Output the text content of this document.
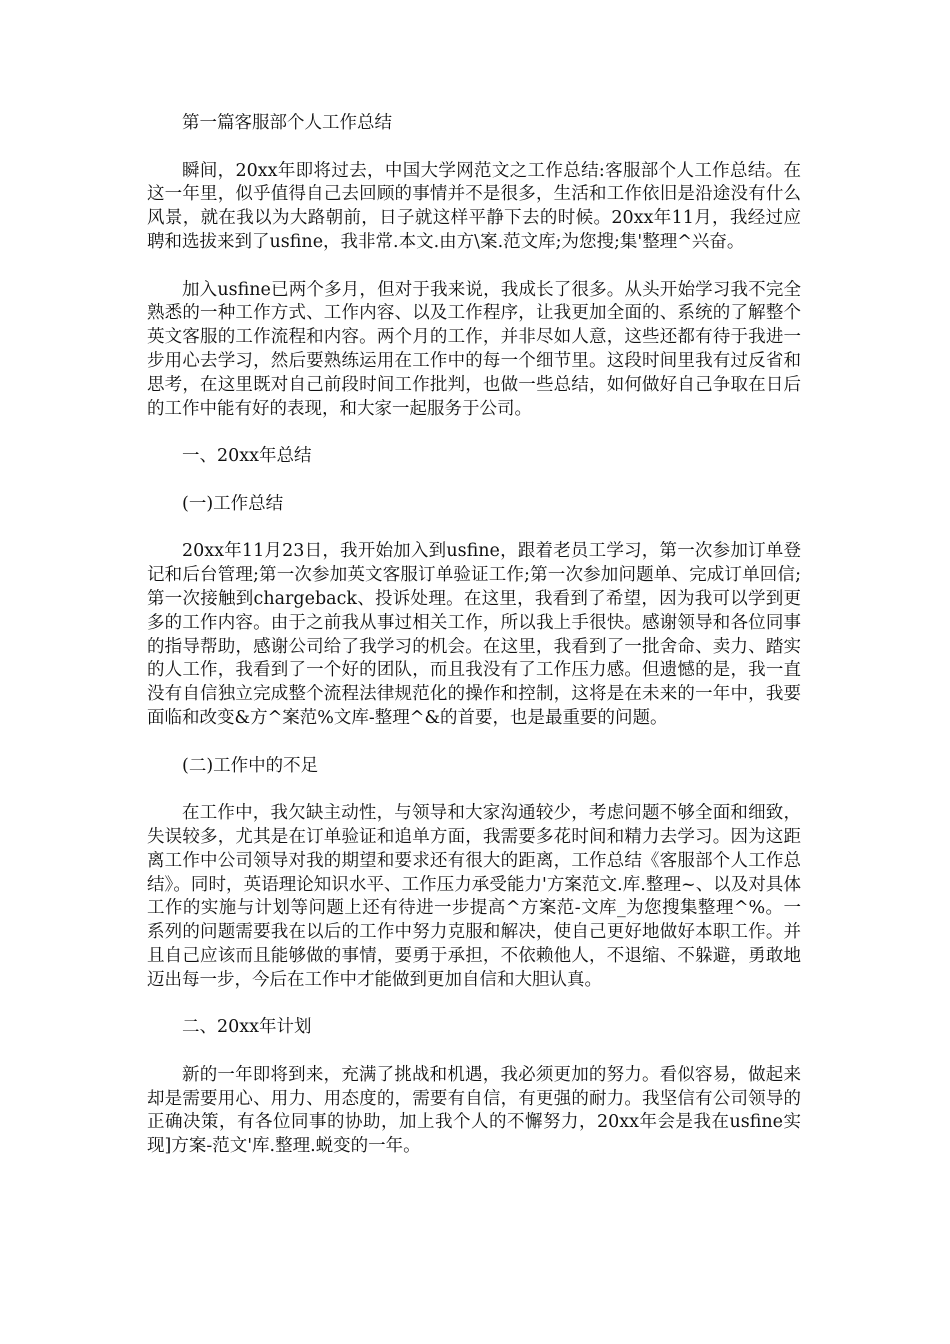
第一篇客服部个人工作总结

瞬间，20xx年即将过去，中国大学网范文之工作总结:客服部个人工作总结。在这一年里，似乎值得自己去回顾的事情并不是很多，生活和工作依旧是沿途没有什么风景，就在我以为大路朝前，日子就这样平静下去的时候。20xx年11月，我经过应聘和选拔来到了usfine，我非常.本文.由方\案.范文库;为您搜;集'整理^兴奋。

加入usfine已两个多月，但对于我来说，我成长了很多。从头开始学习我不完全熟悉的一种工作方式、工作内容、以及工作程序，让我更加全面的、系统的了解整个英文客服的工作流程和内容。两个月的工作，并非尽如人意，这些还都有待于我进一步用心去学习，然后要熟练运用在工作中的每一个细节里。这段时间里我有过反省和思考，在这里既对自己前段时间工作批判，也做一些总结，如何做好自己争取在日后的工作中能有好的表现，和大家一起服务于公司。

一、20xx年总结

(一)工作总结

20xx年11月23日，我开始加入到usfine，跟着老员工学习，第一次参加订单登记和后台管理;第一次参加英文客服订单验证工作;第一次参加问题单、完成订单回信;第一次接触到chargeback、投诉处理。在这里，我看到了希望，因为我可以学到更多的工作内容。由于之前我从事过相关工作，所以我上手很快。感谢领导和各位同事的指导帮助，感谢公司给了我学习的机会。在这里，我看到了一批舍命、卖力、踏实的人工作，我看到了一个好的团队，而且我没有了工作压力感。但遗憾的是，我一直没有自信独立完成整个流程法律规范化的操作和控制，这将是在未来的一年中，我要面临和改变&方^案范%文库-整理^&的首要，也是最重要的问题。

(二)工作中的不足

在工作中，我欠缺主动性，与领导和大家沟通较少，考虑问题不够全面和细致，失误较多，尤其是在订单验证和追单方面，我需要多花时间和精力去学习。因为这距离工作中公司领导对我的期望和要求还有很大的距离，工作总结《客服部个人工作总结》。同时，英语理论知识水平、工作压力承受能力'方案范文.库.整理~、以及对具体工作的实施与计划等问题上还有待进一步提高^方案范-文库_为您搜集整理^%。一系列的问题需要我在以后的工作中努力克服和解决，使自己更好地做好本职工作。并且自己应该而且能够做的事情，要勇于承担，不依赖他人，不退缩、不躲避，勇敢地迈出每一步，今后在工作中才能做到更加自信和大胆认真。

二、20xx年计划

新的一年即将到来，充满了挑战和机遇，我必须更加的努力。看似容易，做起来却是需要用心、用力、用态度的，需要有自信，有更强的耐力。我坚信有公司领导的正确决策，有各位同事的协助，加上我个人的不懈努力，20xx年会是我在usfine实现]方案-范文'库.整理.蜕变的一年。
